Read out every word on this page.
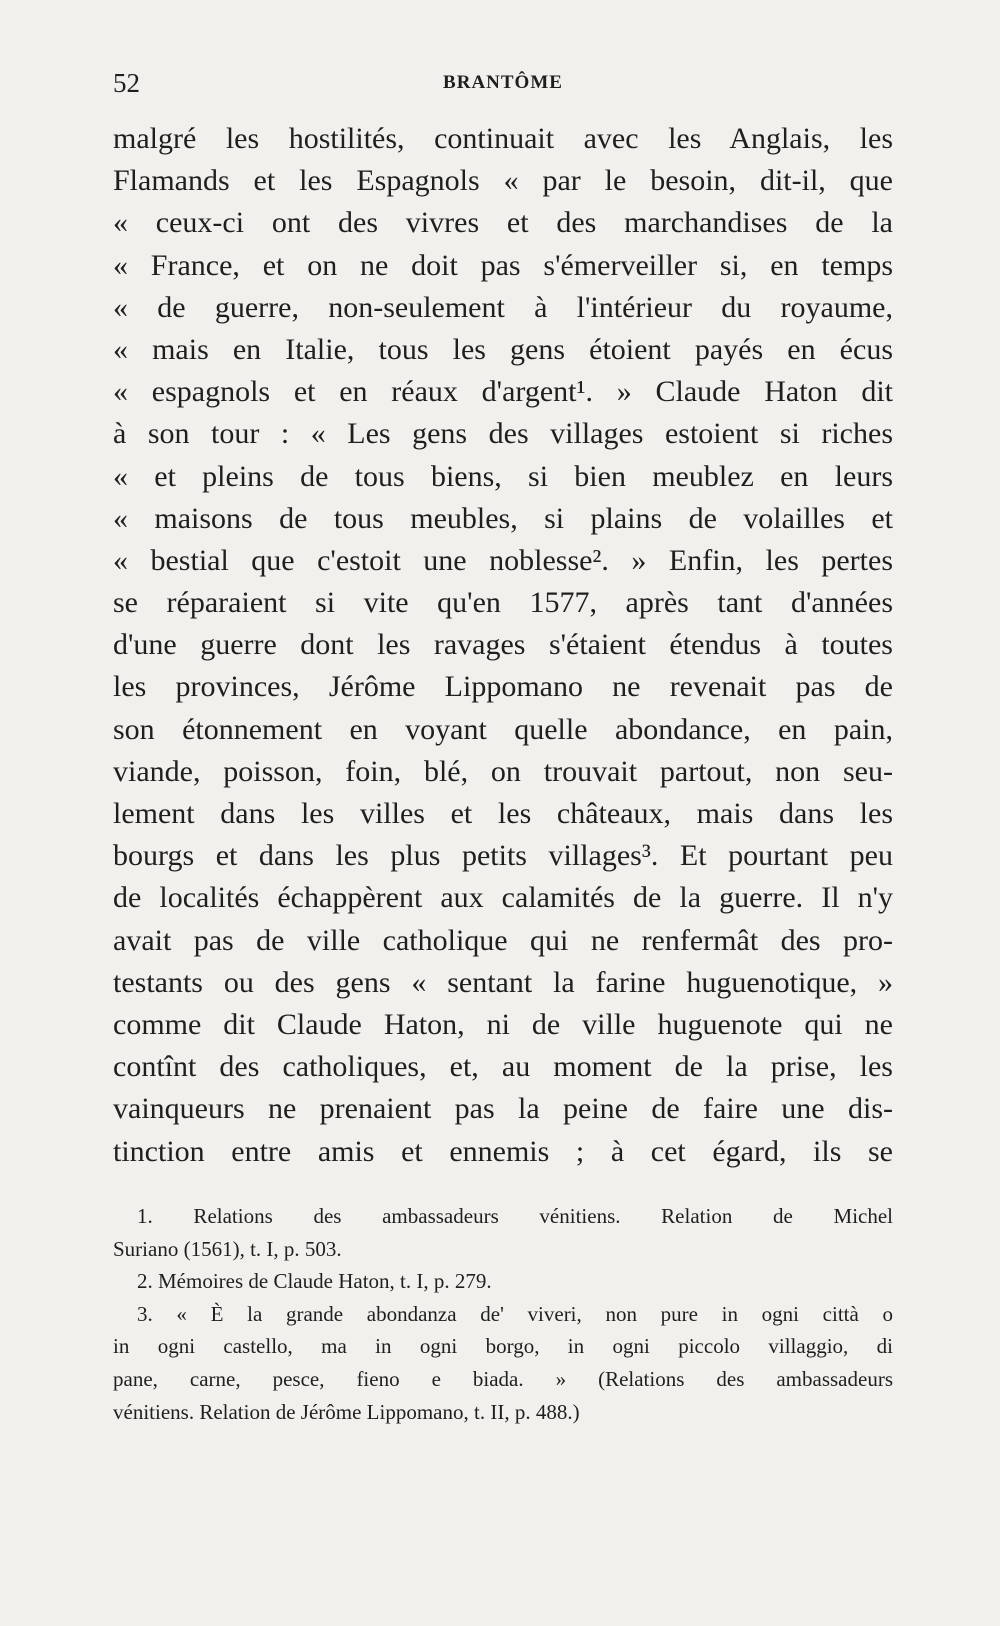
52	BRANTÔME
malgré les hostilités, continuait avec les Anglais, les
Flamands et les Espagnols « par le besoin, dit-il, que
« ceux-ci ont des vivres et des marchandises de la
« France, et on ne doit pas s'émerveiller si, en temps
« de guerre, non-seulement à l'intérieur du royaume,
« mais en Italie, tous les gens étoient payés en écus
« espagnols et en réaux d'argent¹. » Claude Haton dit
à son tour : « Les gens des villages estoient si riches
« et pleins de tous biens, si bien meublez en leurs
« maisons de tous meubles, si plains de volailles et
« bestial que c'estoit une noblesse². » Enfin, les pertes
se réparaient si vite qu'en 1577, après tant d'années
d'une guerre dont les ravages s'étaient étendus à toutes
les provinces, Jérôme Lippomano ne revenait pas de
son étonnement en voyant quelle abondance, en pain,
viande, poisson, foin, blé, on trouvait partout, non seu-
lement dans les villes et les châteaux, mais dans les
bourgs et dans les plus petits villages³. Et pourtant peu
de localités échappèrent aux calamités de la guerre. Il n'y
avait pas de ville catholique qui ne renfermât des pro-
testants ou des gens « sentant la farine huguenotique, »
comme dit Claude Haton, ni de ville huguenote qui ne
contînt des catholiques, et, au moment de la prise, les
vainqueurs ne prenaient pas la peine de faire une dis-
tinction entre amis et ennemis ; à cet égard, ils se
1. Relations des ambassadeurs vénitiens. Relation de Michel
Suriano (1561), t. I, p. 503.
2. Mémoires de Claude Haton, t. I, p. 279.
3. « È la grande abondanza de' viveri, non pure in ogni città o
in ogni castello, ma in ogni borgo, in ogni piccolo villaggio, di
pane, carne, pesce, fieno e biada. » (Relations des ambassadeurs
vénitiens. Relation de Jérôme Lippomano, t. II, p. 488.)
